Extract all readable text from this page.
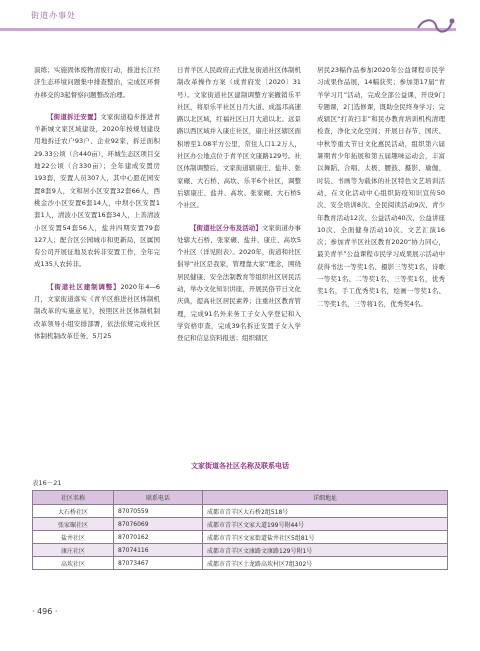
街道办事处

演练；实施固体废物清废行动，推进长江经济生态环境问题集中排查整治，完成区环督办移交的3起督察问题整改治理。

【街道拆迁安置】文家街道稳步推进青羊新城文家区域建设，2020年按规划建设用地拆迁农户93户、企业92家，拆迁面积29.33公顷（合440亩），环城生态区项目交地22公顷（合330亩）；全年建成安置房193套，安置人员307人，其中心愿花园安置8套9人，文和居小区安置32套66人，西桃金沙小区安置6套14人，中坝小区安置1套1人，清波小区安置16套34人，上善清波小区安置54套56人，盐井四期安置79套127人；配合区公园城市和更新局，区属国有公司开展征地及农转非安置工作，全年完成135人农转非。

【街道社区建制调整】2020年4—6月，文家街道落实《青羊区推进社区体制机制改革的实施意见》，按照区社区体制机制改革领导小组安排部署，依法依规完成社区体制机制改革任务，5月25

日青羊区人民政府正式批复街道社区体制机制改革操作方案（成青府发〔2020〕31号）。文家街道社区建制调整方案撤销乐平社区，将原乐平社区日月大道、成温邛高速路以北区域，红福社区日月大道以北、远景路以西区域并入康庄社区，康庄社区辖区面积增至1.08平方公里，常住人口1.2万人，社区办公地点位于青羊区文康路129号。社区体制调整后，文家街道辖康庄、盐井、张家碾、大石桥、高坎、乐平6个社区，调整后辖康庄、盐井、高坎、张家碾、大石桥5个社区。

【街道社区分布及活动】文家街道办事处辖大石桥、张家碾、盐井、康庄、高坎5个社区（详见附表）。2020年，街道和社区倡导“社区是我家，管理靠大家”理念，围绕居民健康、安全法制教育等组织社区居民活动，举办文化知识讲座，开展民俗节日文化庆典，提高社区居民素养；注重社区教育管理，完成91名外来务工子女入学登记和入学资格审查，完成39名拆迁安置子女入学登记和信息资料报送；组织辖区

居民23幅作品参加2020年公益课程市民学习成果作品展，14幅获奖；参加第17届“青羊学习月”活动，完成全部公益课，开设9门专题课，2门选修课，既助全民终身学习；完成辖区“打黄扫非”和民办教育培训机构清理检查，净化文化空间；开展日春节、国庆、中秋等重大节日文化惠民活动，组织第六届暑期青少年拓展和第五届趣味运动会，丰富以舞蹈、合唱、太极、腰鼓、摄影、瑜伽、时装、书画等为载体的社区特色文艺培训活动，在文化活动中心组织防疫知识宣传50次、安全培训8次、全民阅读活动9次、青少年教育活动12次、公益活动40次、公益讲座10次、全面健身活动10次、文艺汇演16次；参加青羊区社区教育2020“协力同心，最美青羊”公益课程市民学习成果展示活动中获得书法一等奖1名、摄影三等奖1名，诗歌一等奖1名、二等奖1名、三等奖1名，优秀奖1名，手工优秀奖1名，绘画一等奖1名、二等奖1名，三等将1名，优秀奖4名。

文家街道各社区名称及联系电话
表16－21
社区名称	联系电话	详细地址
大石桥社区	87070559	成都市青羊区大石桥2组518号
张家碾社区	87076069	成都市青羊区文家大道199号附44号
盐井社区	87070162	成都市青羊区文家街道盐井社区5组81号
康庄社区	87074116	成都市青羊区文康路文康路129号附1号
高坎社区	87073467	成都市青羊区土龙路高坎村区7组302号
· 496 ·
